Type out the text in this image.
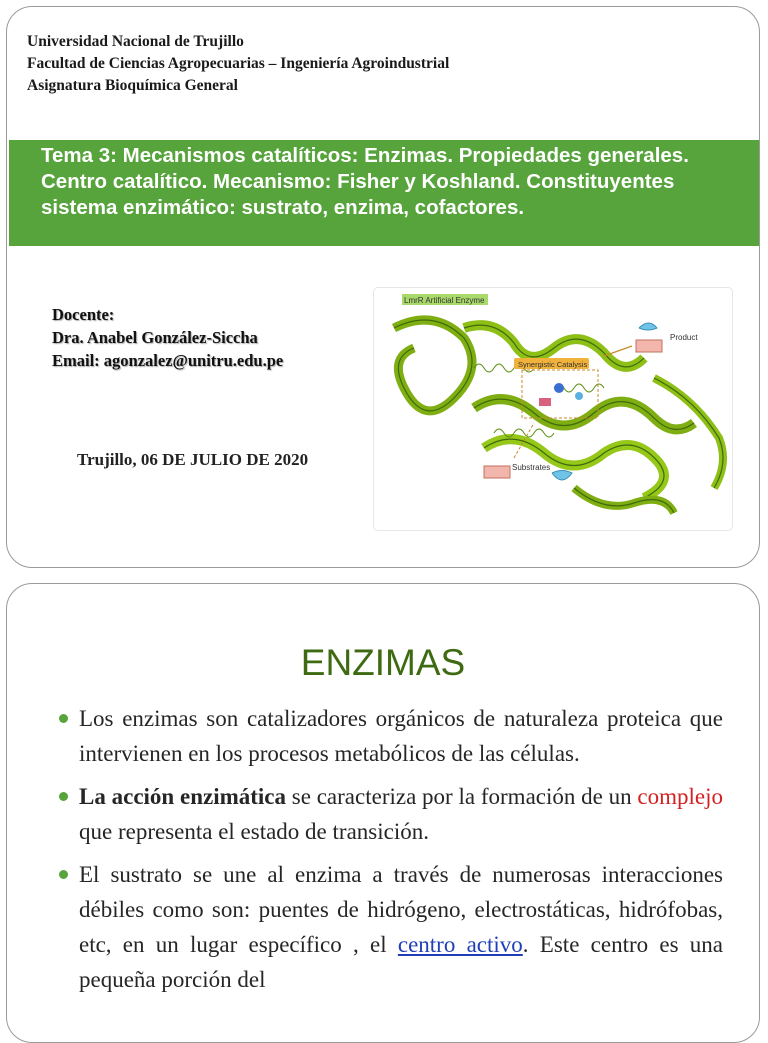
Universidad Nacional de Trujillo
Facultad de Ciencias Agropecuarias – Ingeniería Agroindustrial
Asignatura Bioquímica General
Tema 3: Mecanismos catalíticos: Enzimas. Propiedades generales. Centro catalítico. Mecanismo: Fisher y Koshland. Constituyentes sistema enzimático: sustrato, enzima, cofactores.
Docente:
Dra. Anabel González-Siccha
Email: agonzalez@unitru.edu.pe
Trujillo, 06 DE JULIO DE 2020
LmrR Artificial Enzyme
Synergistic Catalysis
Product
Substrates
ENZIMAS
Los enzimas son catalizadores orgánicos de naturaleza proteica que intervienen en los procesos metabólicos de las células.
La acción enzimática se caracteriza por la formación de un complejo que representa el estado de transición.
El sustrato se une al enzima a través de numerosas interacciones débiles como son: puentes de hidrógeno, electrostáticas, hidrófobas, etc, en un lugar específico , el centro activo. Este centro es una pequeña porción del
